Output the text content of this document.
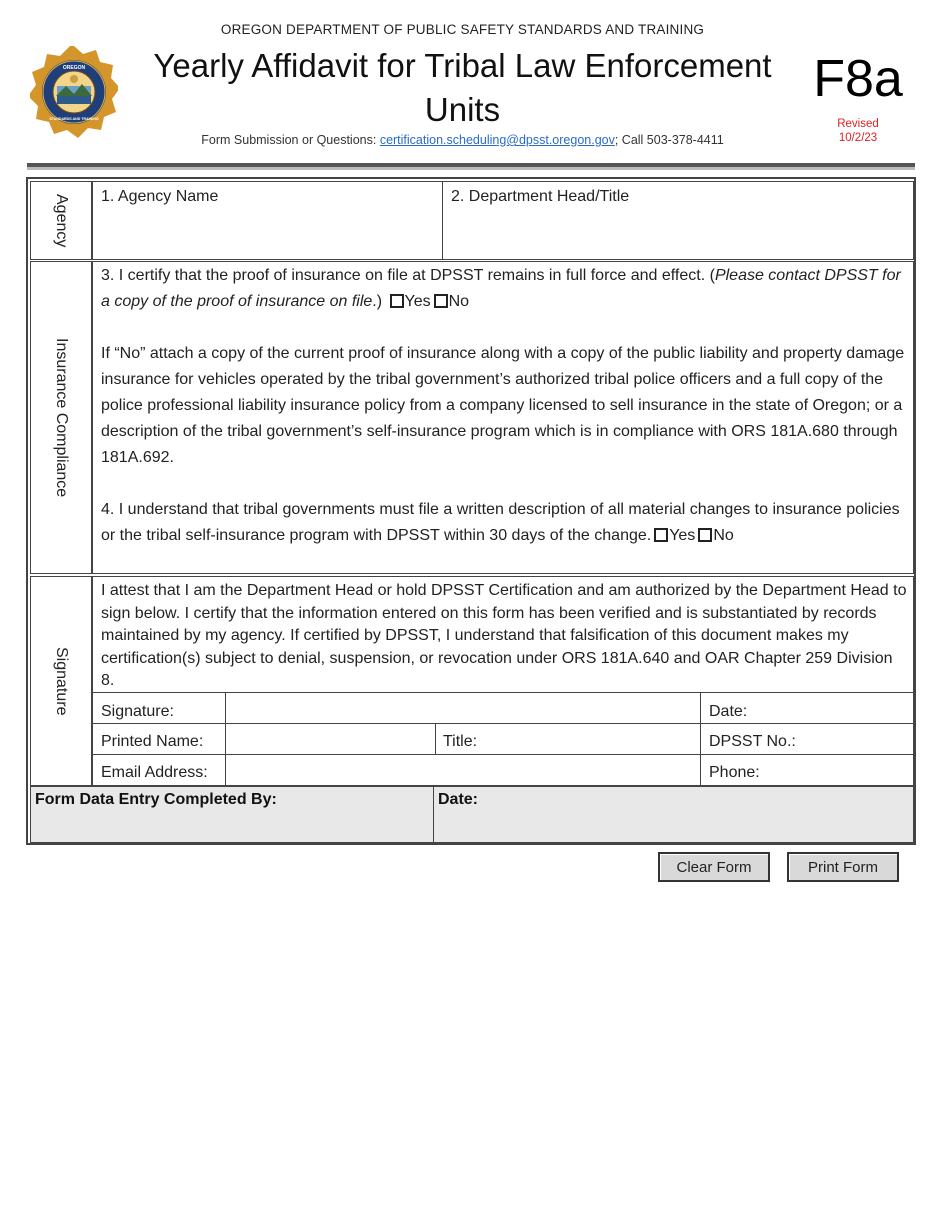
OREGON
STANDARDS AND TRAINING
OREGON DEPARTMENT OF PUBLIC SAFETY STANDARDS AND TRAINING
Yearly Affidavit for Tribal Law Enforcement Units
Form Submission or Questions: certification.scheduling@dpsst.oregon.gov; Call 503-378-4411
F8a
Revised
10/2/23
Agency 1. Agency Name	2. Department Head/Title
Insurance Compliance

3. I certify that the proof of insurance on file at DPSST remains in full force and effect. (Please contact DPSST for a copy of the proof of insurance on file.) Yes No

If “No” attach a copy of the current proof of insurance along with a copy of the public liability and property damage insurance for vehicles operated by the tribal government’s authorized tribal police officers and a full copy of the police professional liability insurance policy from a company licensed to sell insurance in the state of Oregon; or a description of the tribal government’s self-insurance program which is in compliance with ORS 181A.680 through 181A.692.

4. I understand that tribal governments must file a written description of all material changes to insurance policies or the tribal self-insurance program with DPSST within 30 days of the change. Yes No

Signature
I attest that I am the Department Head or hold DPSST Certification and am authorized by the Department Head to sign below. I certify that the information entered on this form has been verified and is substantiated by records maintained by my agency. If certified by DPSST, I understand that falsification of this document makes my certification(s) subject to denial, suspension, or revocation under ORS 181A.640 and OAR Chapter 259 Division 8.
Signature:	Date:
Printed Name:	Title:	DPSST No.:
Email Address:	Phone:
Form Data Entry Completed By:	Date:
Clear Form	Print Form
